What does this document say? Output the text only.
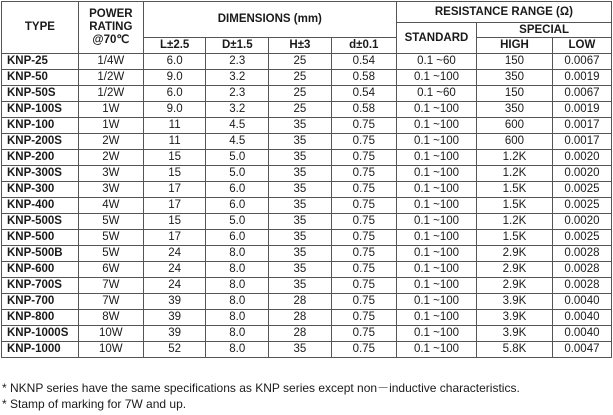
TYPE	POWER
RATING
@70℃	DIMENSIONS (mm)				RESISTANCE RANGE (Ω)		
						STANDARD	SPECIAL	
		L±2.5	D±1.5	H±3	d±0.1		HIGH	LOW
KNP-25	1/4W	6.0	2.3	25	0.54	0.1 ~60	150	0.0067
KNP-50	1/2W	9.0	3.2	25	0.58	0.1 ~100	350	0.0019
KNP-50S	1/2W	6.0	2.3	25	0.54	0.1 ~60	150	0.0067
KNP-100S	1W	9.0	3.2	25	0.58	0.1 ~100	350	0.0019
KNP-100	1W	11	4.5	35	0.75	0.1 ~100	600	0.0017
KNP-200S	2W	11	4.5	35	0.75	0.1 ~100	600	0.0017
KNP-200	2W	15	5.0	35	0.75	0.1 ~100	1.2K	0.0020
KNP-300S	3W	15	5.0	35	0.75	0.1 ~100	1.2K	0.0020
KNP-300	3W	17	6.0	35	0.75	0.1 ~100	1.5K	0.0025
KNP-400	4W	17	6.0	35	0.75	0.1 ~100	1.5K	0.0025
KNP-500S	5W	15	5.0	35	0.75	0.1 ~100	1.2K	0.0020
KNP-500	5W	17	6.0	35	0.75	0.1 ~100	1.5K	0.0025
KNP-500B	5W	24	8.0	35	0.75	0.1 ~100	2.9K	0.0028
KNP-600	6W	24	8.0	35	0.75	0.1 ~100	2.9K	0.0028
KNP-700S	7W	24	8.0	35	0.75	0.1 ~100	2.9K	0.0028
KNP-700	7W	39	8.0	28	0.75	0.1 ~100	3.9K	0.0040
KNP-800	8W	39	8.0	28	0.75	0.1 ~100	3.9K	0.0040
KNP-1000S	10W	39	8.0	28	0.75	0.1 ~100	3.9K	0.0040
KNP-1000	10W	52	8.0	35	0.75	0.1 ~100	5.8K	0.0047
* NKNP series have the same specifications as KNP series except non－inductive characteristics.
* Stamp of marking for 7W and up.
